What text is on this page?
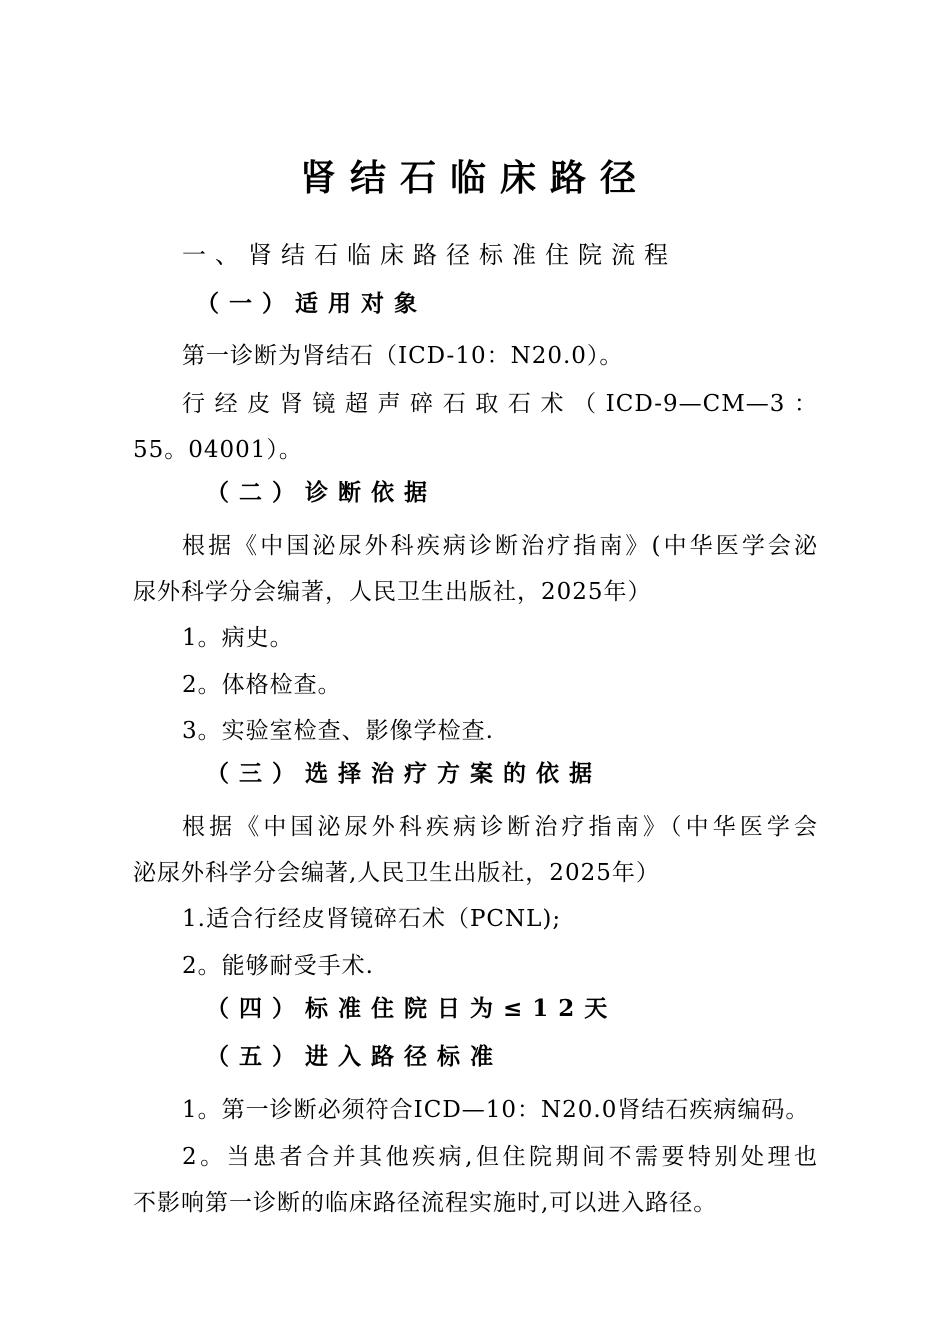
肾结石临床路径
一、肾结石临床路径标准住院流程
（一）适用对象
第一诊断为肾结石（ICD-10：N20.0）。
行经皮肾镜超声碎石取石术（ICD-9—CM—3：
55。04001）。
（二）诊断依据
根据《中国泌尿外科疾病诊断治疗指南》(中华医学会泌
尿外科学分会编著，人民卫生出版社，2025年）
1。病史。
2。体格检查。
3。实验室检查、影像学检查.
（三）选择治疗方案的依据
根据《中国泌尿外科疾病诊断治疗指南》（中华医学会
泌尿外科学分会编著,人民卫生出版社，2025年）
1.适合行经皮肾镜碎石术（PCNL);
2。能够耐受手术.
（四）标准住院日为≤12天
（五）进入路径标准
1。第一诊断必须符合ICD—10：N20.0肾结石疾病编码。
2。当患者合并其他疾病,但住院期间不需要特别处理也
不影响第一诊断的临床路径流程实施时,可以进入路径。
